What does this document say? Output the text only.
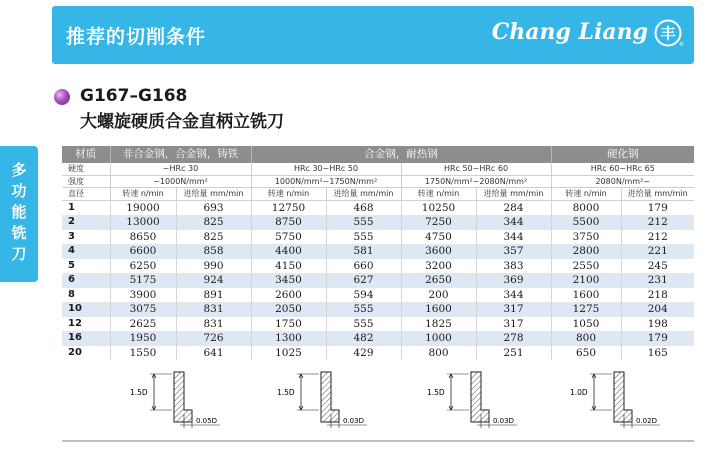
推荐的切削条件	Chang Liang 丰
®
多
功
能
铣
刀
G167–G168
大螺旋硬质合金直柄立铣刀
材质	非合金钢，合金钢，铸铁		合金钢，耐热钢				硬化钢	
硬度	~HRc 30		HRc 30~HRc 50		HRc 50~HRc 60		HRc 60~HRc 65	
强度	~1000N/mm²		1000N/mm²~1750N/mm²		1750N/mm²~2080N/mm²		2080N/mm²~	
直径	转速 n/min	进给量 mm/min	转速 n/min	进给量 mm/min	转速 n/min	进给量 mm/min	转速 n/min	进给量 mm/min
1	19000	693	12750	468	10250	284	8000	179
2	13000	825	8750	555	7250	344	5500	212
3	8650	825	5750	555	4750	344	3750	212
4	6600	858	4400	581	3600	357	2800	221
5	6250	990	4150	660	3200	383	2550	245
6	5175	924	3450	627	2650	369	2100	231
8	3900	891	2600	594	200	344	1600	218
10	3075	831	2050	555	1600	317	1275	204
12	2625	831	1750	555	1825	317	1050	198
16	1950	726	1300	482	1000	278	800	179
20	1550	641	1025	429	800	251	650	165
1.5D
0.05D
1.5D
0.03D
1.5D
0.03D
1.0D
0.02D
